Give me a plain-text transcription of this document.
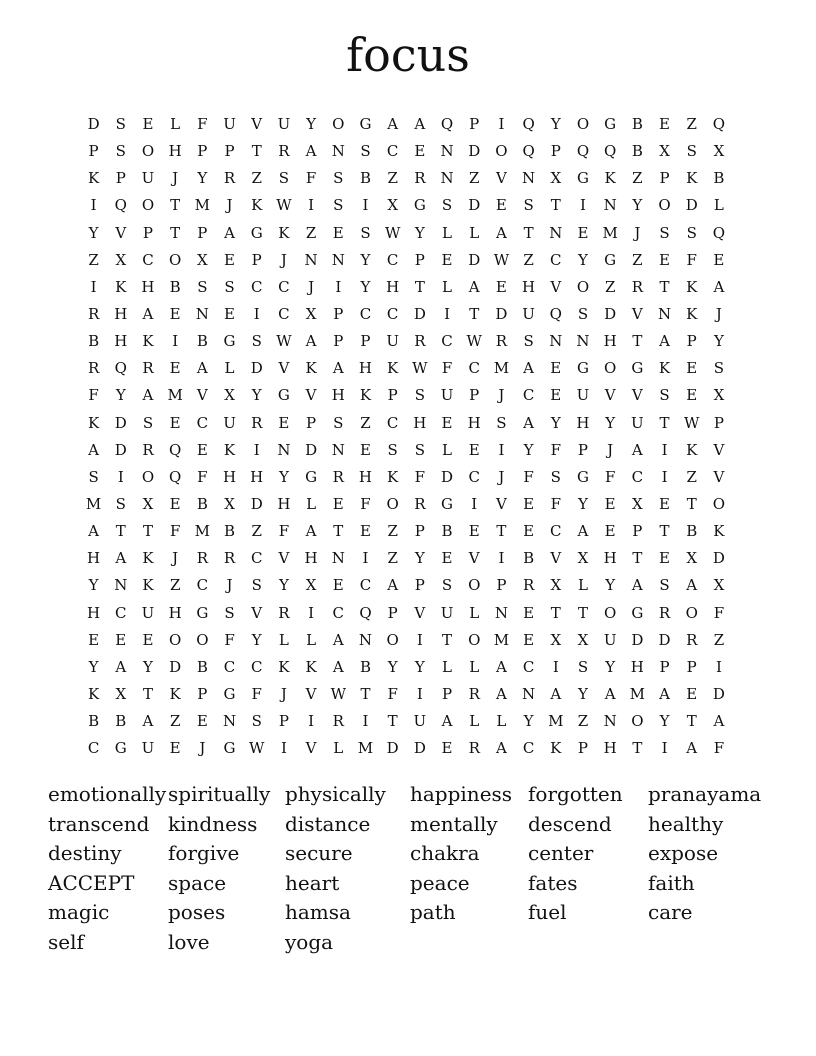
focus
D	S	E	L	F	U	V	U	Y	O	G	A	A	Q	P	I	Q	Y	O	G	B	E	Z	Q
P	S	O H	P	P	T	R	A	N	S	C	E	N D	O Q	P	Q Q	B	X	S	X
K	P	U	J	Y	R	Z	S	F	S	B	Z	R N	Z	V	N	X	G	K	Z	P	K	B
I	Q O	T M	J	K W	I	S	I	X	G	S	D	E	S	T	I	N	Y	O	D	L
Y	V	P	T	P	A	G	K	Z	E	S W Y	L	L	A	T	N	E M	J	S	S	Q
Z	X	C	O	X	E	P	J	N N	Y	C	P	E	D W Z	C	Y	G	Z	E	F	E
I	K	H	B	S	S	C	C	J	I	Y	H	T	L	A	E	H	V	O	Z	R	T	K	A
R	H	A	E	N	E	I	C	X	P	C	C	D	I	T	D U Q	S	D	V	N	K	J
B	H	K	I	B	G	S W A	P	P	U	R	C W R	S	N N H	T	A	P	Y
R	Q	R	E	A	L	D	V	K	A	H	K W F	C M A	E	G	O	G	K	E	S
F	Y	A M V	X	Y	G	V	H	K	P	S	U	P	J	C	E	U	V	V	S	E	X
K	D	S	E	C	U	R	E	P	S	Z	C H	E	H	S	A	Y	H	Y	U	T W P
A	D	R	Q	E	K	I	N D N	E	S	S	L	E	I	Y	F	P	J	A	I	K	V
S	I	O Q	F	H H	Y	G	R	H	K	F	D	C	J	F	S	G	F	C	I	Z	V
M S	X	E	B	X	D H	L	E	F	O	R	G	I	V	E	F	Y	E	X	E	T	O
A	T	T	F M B	Z	F	A	T	E	Z	P	B	E	T	E	C	A	E	P	T	B	K
H	A	K	J	R	R	C	V	H N	I	Z	Y	E	V	I	B	V	X	H	T	E	X	D
Y	N	K	Z	C	J	S	Y	X	E	C	A	P	S	O	P	R	X	L	Y	A	S	A	X
H C	U H G	S	V	R	I	C	Q	P	V	U	L	N	E	T	T	O	G	R	O	F
E	E	E	O O	F	Y	L	L	A	N O	I	T	O M E	X	X	U D	D	R	Z
Y	A	Y	D	B	C	C	K	K	A	B	Y	Y	L	L	A	C	I	S	Y	H	P	P	I
K	X	T	K	P	G	F	J	V W T	F	I	P	R	A	N	A	Y	A M A	E	D
B	B	A	Z	E	N	S	P	I	R	I	T	U	A	L	L	Y M Z	N O	Y	T	A
C	G U	E	J	G W	I	V	L M D	D	E	R	A	C	K	P	H	T	I	A	F
emotionally spiritually physically	happiness forgotten	pranayama
transcend kindness	distance	mentally	descend	healthy
destiny	forgive	secure	chakra	center	expose
ACCEPT	space	heart	peace	fates	faith
magic	poses	hamsa	path	fuel	care
self	love	yoga
